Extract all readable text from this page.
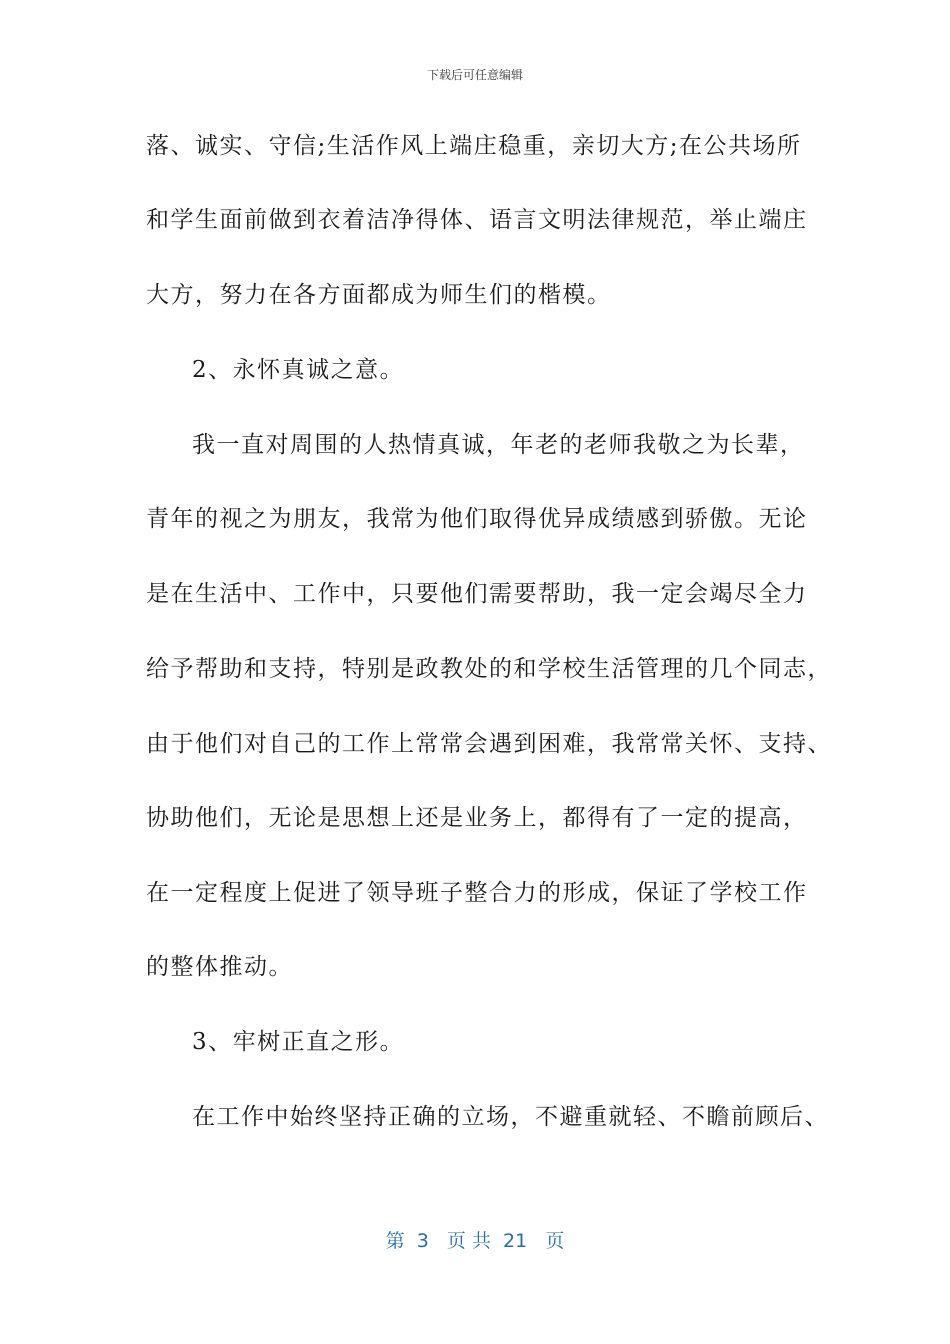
下载后可任意编辑
落、诚实、守信;生活作风上端庄稳重，亲切大方;在公共场所
和学生面前做到衣着洁净得体、语言文明法律规范，举止端庄
大方，努力在各方面都成为师生们的楷模。
2、永怀真诚之意。
我一直对周围的人热情真诚，年老的老师我敬之为长辈，
青年的视之为朋友，我常为他们取得优异成绩感到骄傲。无论
是在生活中、工作中，只要他们需要帮助，我一定会竭尽全力
给予帮助和支持，特别是政教处的和学校生活管理的几个同志，
由于他们对自己的工作上常常会遇到困难，我常常关怀、支持、
协助他们，无论是思想上还是业务上，都得有了一定的提高，
在一定程度上促进了领导班子整合力的形成，保证了学校工作
的整体推动。
3、牢树正直之形。
在工作中始终坚持正确的立场，不避重就轻、不瞻前顾后、
第  3   页 共  21   页
